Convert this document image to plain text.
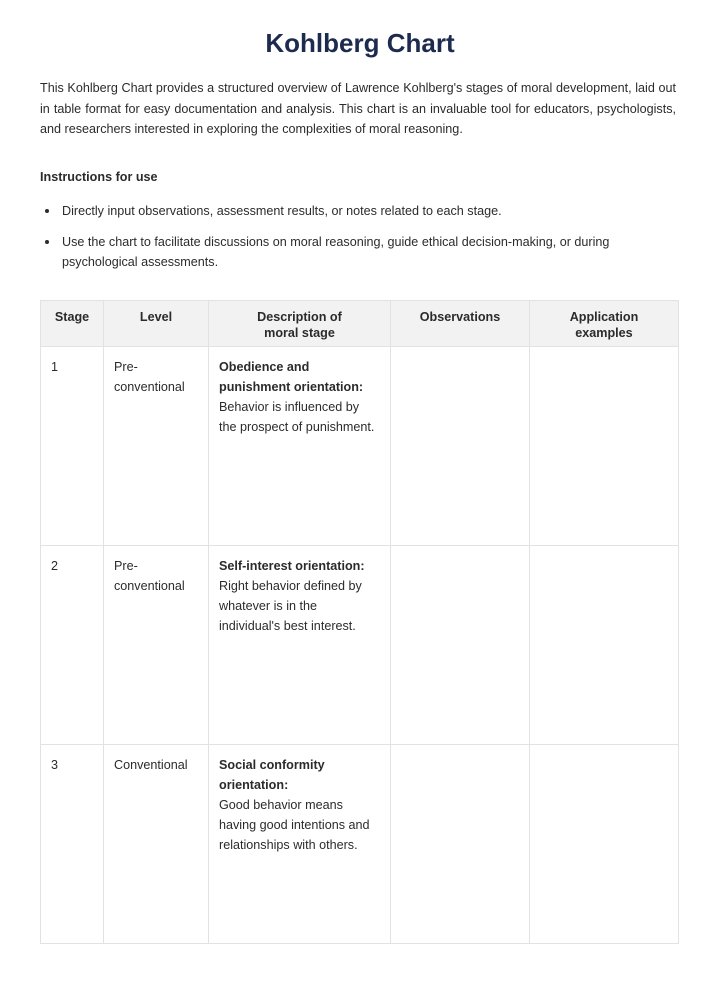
Kohlberg Chart

This Kohlberg Chart provides a structured overview of Lawrence Kohlberg's stages of moral development, laid out in table format for easy documentation and analysis. This chart is an invaluable tool for educators, psychologists, and researchers interested in exploring the complexities of moral reasoning.

Instructions for use

Directly input observations, assessment results, or notes related to each stage.
Use the chart to facilitate discussions on moral reasoning, guide ethical decision-making, or during psychological assessments.
Stage	Level	Description of moral stage	Observations	Application examples

1	Pre-conventional	Obedience and punishment orientation:
Behavior is influenced by the prospect of punishment.		

2	Pre-conventional	Self-interest orientation:
Right behavior defined by whatever is in the individual's best interest.		

3	Conventional	Social conformity orientation:
Good behavior means having good intentions and relationships with others.		
